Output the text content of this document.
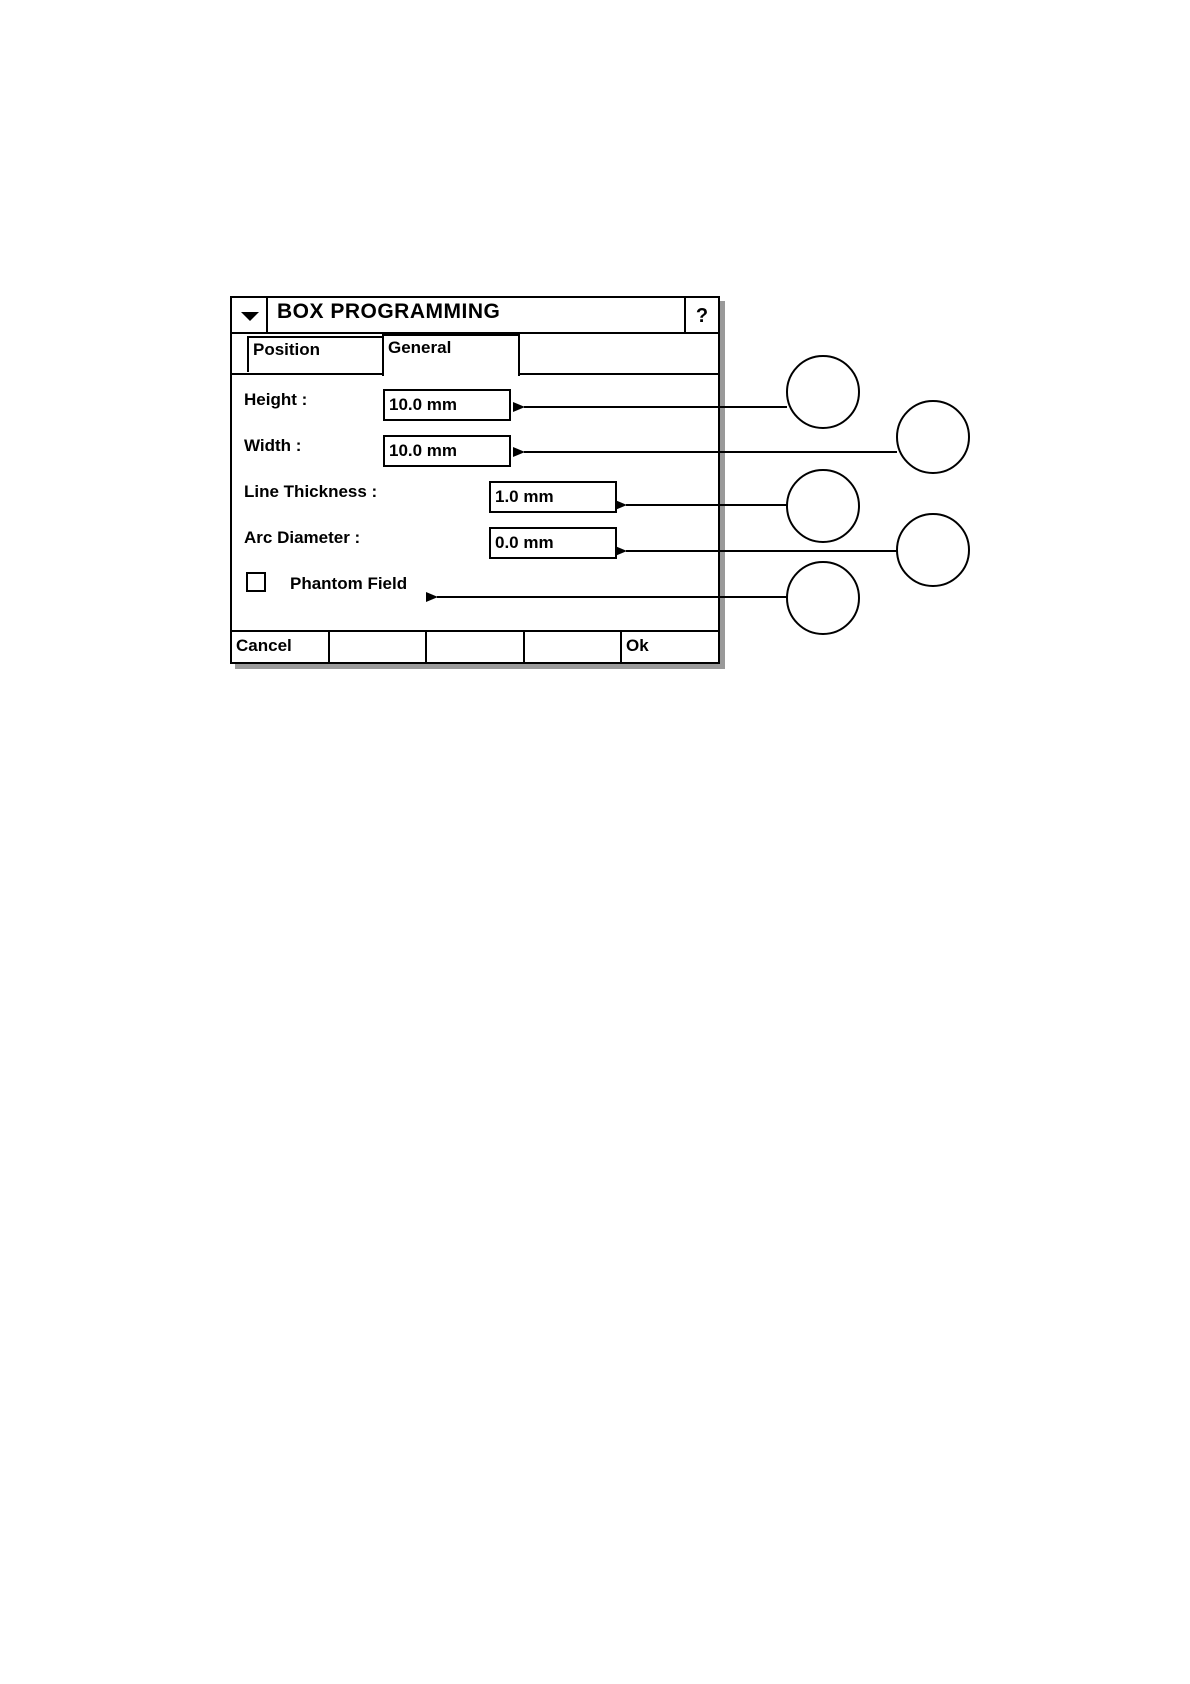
BOX PROGRAMMING	?
Position	General
Height :	10.0 mm
Width :	10.0 mm
Line Thickness :	1.0 mm
Arc Diameter :	0.0 mm
Phantom Field
Cancel	Ok
